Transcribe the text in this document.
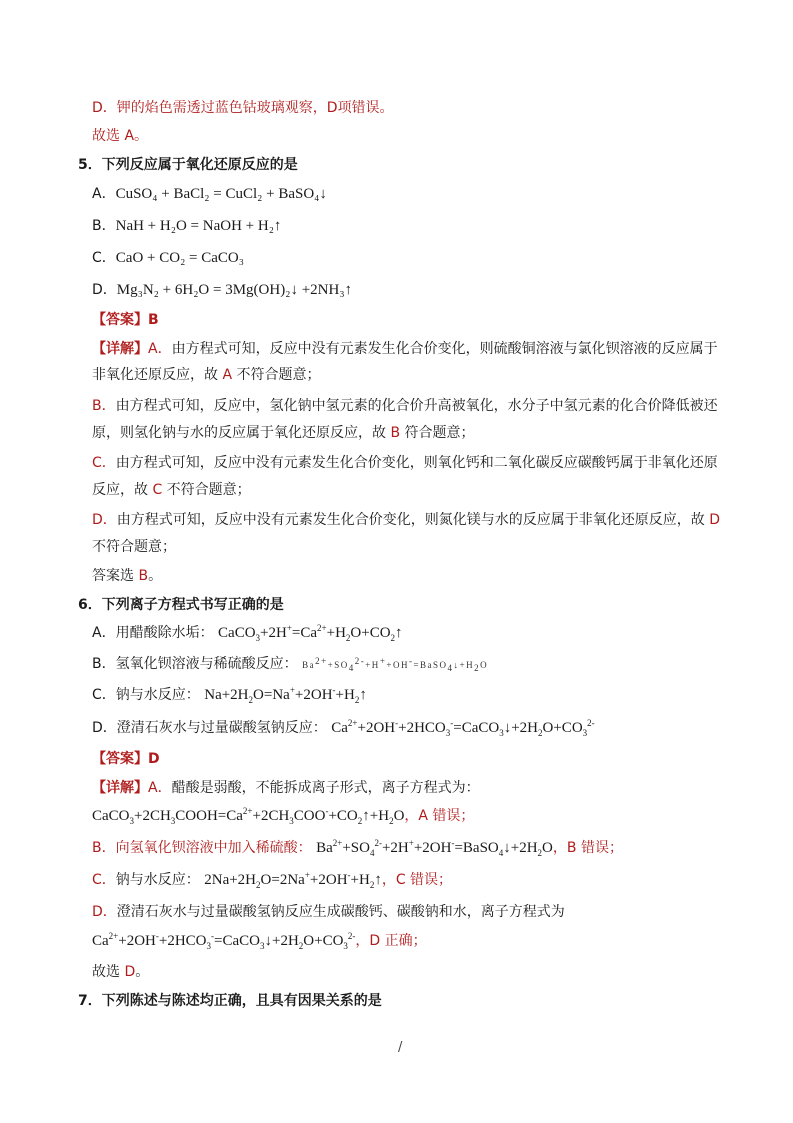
D．钾的焰色需透过蓝色钴玻璃观察，D项错误。
故选 A。
5．下列反应属于氧化还原反应的是
A．CuSO₄ + BaCl₂ = CuCl₂ + BaSO₄↓
B．NaH + H₂O = NaOH + H₂↑
C．CaO + CO₂ = CaCO₃
D．Mg₃N₂ + 6H₂O = 3Mg(OH)₂↓ +2NH₃↑
【答案】B
【详解】A．由方程式可知，反应中没有元素发生化合价变化，则硫酸铜溶液与氯化钡溶液的反应属于
非氧化还原反应，故 A 不符合题意；
B．由方程式可知，反应中，氢化钠中氢元素的化合价升高被氧化，水分子中氢元素的化合价降低被还
原，则氢化钠与水的反应属于氧化还原反应，故 B 符合题意；
C．由方程式可知，反应中没有元素发生化合价变化，则氧化钙和二氧化碳反应碳酸钙属于非氧化还原
反应，故 C 不符合题意；
D．由方程式可知，反应中没有元素发生化合价变化，则氮化镁与水的反应属于非氧化还原反应，故 D
不符合题意；
答案选 B。
6．下列离子方程式书写正确的是
A．用醋酸除水垢： $CaCO_3+2H^+=Ca^{2+}+H_2O+CO_2↑$
B．氢氧化钡溶液与稀硫酸反应： $Ba^{2+}+SO_4^{2-}+H^++OH^-=BaSO_4↓+H_2O$
C．钠与水反应： $Na+2H_2O=Na^++2OH^-+H_2↑$
D．澄清石灰水与过量碳酸氢钠反应： $Ca^{2+}+2OH^-+2HCO_3^-=CaCO_3↓+2H_2O+CO_3^{2-}$
【答案】D
【详解】A．醋酸是弱酸，不能拆成离子形式，离子方程式为：
$CaCO_3+2CH_3COOH=Ca^{2+}+2CH_3COO^-+CO_2↑+H_2O$，A 错误；
B．向氢氧化钡溶液中加入稀硫酸： $Ba^{2+}+SO_4^{2-}+2H^++2OH^-=BaSO_4↓+2H_2O$，B 错误；
C．钠与水反应： $2Na+2H_2O=2Na^++2OH^-+H_2↑$，C 错误；
D．澄清石灰水与过量碳酸氢钠反应生成碳酸钙、碳酸钠和水，离子方程式为
$Ca^{2+}+2OH^-+2HCO_3^-=CaCO_3↓+2H_2O+CO_3^{2-}$，D 正确；
故选 D。
7．下列陈述与陈述均正确，且具有因果关系的是
/
